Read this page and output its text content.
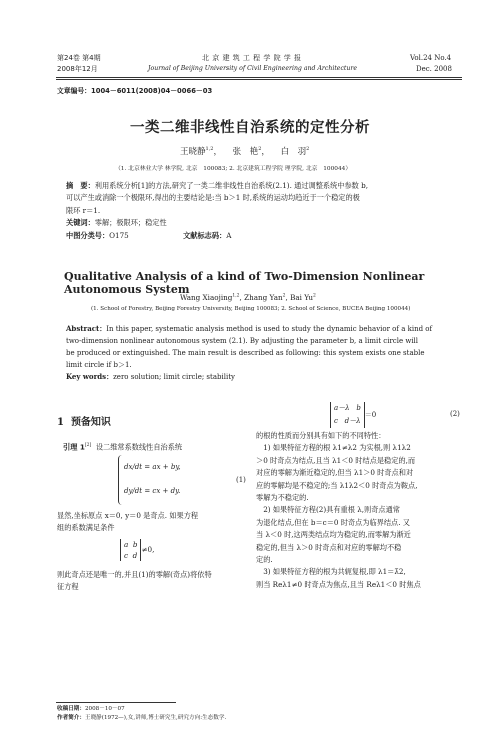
第24卷 第4期
2008年12月
北 京 建 筑 工 程 学 院 学 报
Journal of Beijing University of Civil Engineering and Architecture
Vol.24 No.4
Dec. 2008
文章编号：1004－6011(2008)04－0066－03
一类二维非线性自治系统的定性分析
王晓静$^{1,2}$， 张　艳$^2$， 白　羽$^2$
（1. 北京林业大学 林学院, 北京　100083; 2. 北京建筑工程学院 理学院, 北京　100044）
摘　要：利用系统分析[1]的方法,研究了一类二维非线性自治系统(2.1). 通过调整系统中参数 b,
可以产生或消除一个极限环,得出的主要结论是:当 b＞1 时,系统的运动均趋近于一个稳定的极
限环 r＝1.
关键词：零解；极限环；稳定性
中图分类号：O175	文献标志码：A
Qualitative Analysis of a kind of Two-Dimension Nonlinear Autonomous System
Wang Xiaojing$^{1,2}$, Zhang Yan$^2$, Bai Yu$^2$
(1. School of Forestry, Beijing Forestry University, Beijing 100083; 2. School of Science, BUCEA Beijing 100044)
Abstract：In this paper, systematic analysis method is used to study the dynamic behavior of a kind of
two-dimension nonlinear autonomous system (2.1). By adjusting the parameter b, a limit circle will
be produced or extinguished. The main result is described as following: this system exists one stable
limit circle if b＞1.
Key words：zero solution; limit circle; stability
1 预备知识
引理 1[2] 设二维常系数线性自治系统
dx/dt = ax + by,
dy/dt = cx + dy.
(1)
显然,坐标原点 x＝0, y＝0 是奇点. 如果方程
组的系数满足条件
a b
c d≠0,
则此奇点还是唯一的,并且(1)的零解(奇点)将依特
征方程
a－λ b
c d－λ＝0	(2)
的根的性质而分别具有如下的不同特性：
　1) 如果特征方程的根 λ1≠λ2 为实根,则 λ1λ2
＞0 时奇点为结点,且当 λ1＜0 时结点是稳定的,而
对应的零解为渐近稳定的,但当 λ1＞0 时奇点和对
应的零解均是不稳定的;当 λ1λ2＜0 时奇点为鞍点,
零解为不稳定的.
　2) 如果特征方程(2)具有重根 λ,则奇点通常
为退化结点,但在 b＝c＝0 时奇点为临界结点. 又
当 λ＜0 时,这两类结点均为稳定的,而零解为渐近
稳定的,但当 λ＞0 时奇点和对应的零解均不稳
定的.
　3) 如果特征方程的根为共轭复根,即 λ1＝λ̄2,
则当 Reλ1≠0 时奇点为焦点,且当 Reλ1＜0 时焦点
收稿日期：2008－10－07
作者简介：王晓静(1972—),女,讲师,博士研究生,研究方向:生态数学.
